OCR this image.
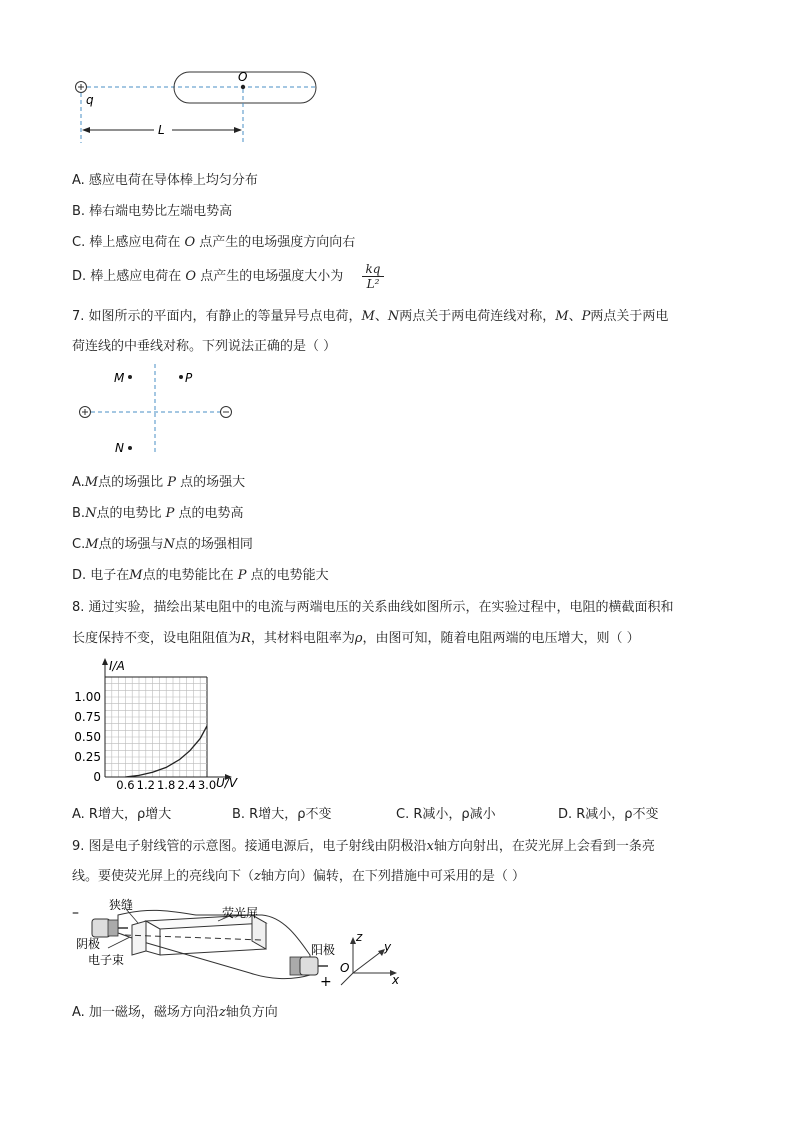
q
O
L
A. 感应电荷在导体棒上均匀分布
B. 棒右端电势比左端电势高
C. 棒上感应电荷在 O 点产生的电场强度方向向右
D. 棒上感应电荷在 O 点产生的电场强度大小为 $\frac{kq}{\text{L²}}$
7. 如图所示的平面内，有静止的等量异号点电荷，M、N两点关于两电荷连线对称，M、P两点关于两电
荷连线的中垂线对称。下列说法正确的是（ ）
M	P
N
A.M点的场强比 P 点的场强大
B.N点的电势比 P 点的电势高
C.M点的场强与N点的场强相同
D. 电子在M点的电势能比在 P 点的电势能大
8. 通过实验，描绘出某电阻中的电流与两端电压的关系曲线如图所示，在实验过程中，电阻的横截面积和
长度保持不变，设电阻阻值为R，其材料电阻率为ρ，由图可知，随着电阻两端的电压增大，则（ ）
I/A
U/V
0
0.25
0.50
0.75
1.00
0.6 1.2 1.8 2.4 3.0
A. R增大，ρ增大	B. R增大，ρ不变	C. R减小，ρ减小	D. R减小，ρ不变
9. 图是电子射线管的示意图。接通电源后，电子射线由阴极沿x轴方向射出，在荧光屏上会看到一条亮
线。要使荧光屏上的亮线向下（z轴方向）偏转，在下列措施中可采用的是（ ）
–	狭缝
荧光屏
阴极
电子束
阳极
+
z
y
O
x
A. 加一磁场，磁场方向沿z轴负方向
